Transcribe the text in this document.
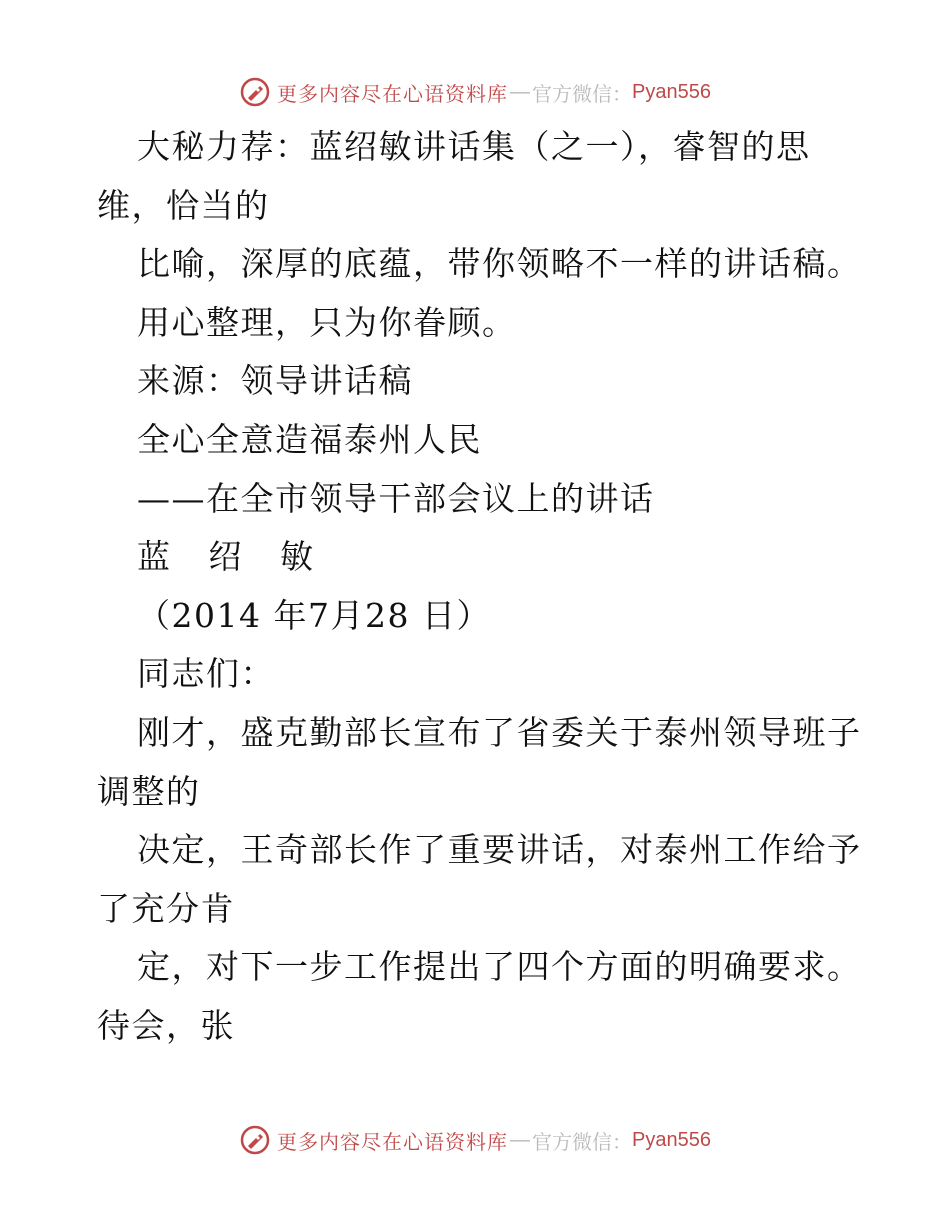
更多内容尽在心语资料库 — 官方微信： Pyan556
大秘力荐：蓝绍敏讲话集（之一），睿智的思
维，恰当的
比喻，深厚的底蕴，带你领略不一样的讲话稿。
用心整理，只为你眷顾。
来源：领导讲话稿
全心全意造福泰州人民
——在全市领导干部会议上的讲话
蓝 绍 敏
（2014 年7月28 日）
同志们：
刚才，盛克勤部长宣布了省委关于泰州领导班子
调整的
决定，王奇部长作了重要讲话，对泰州工作给予
了充分肯
定，对下一步工作提出了四个方面的明确要求。
待会，张
更多内容尽在心语资料库 — 官方微信： Pyan556
